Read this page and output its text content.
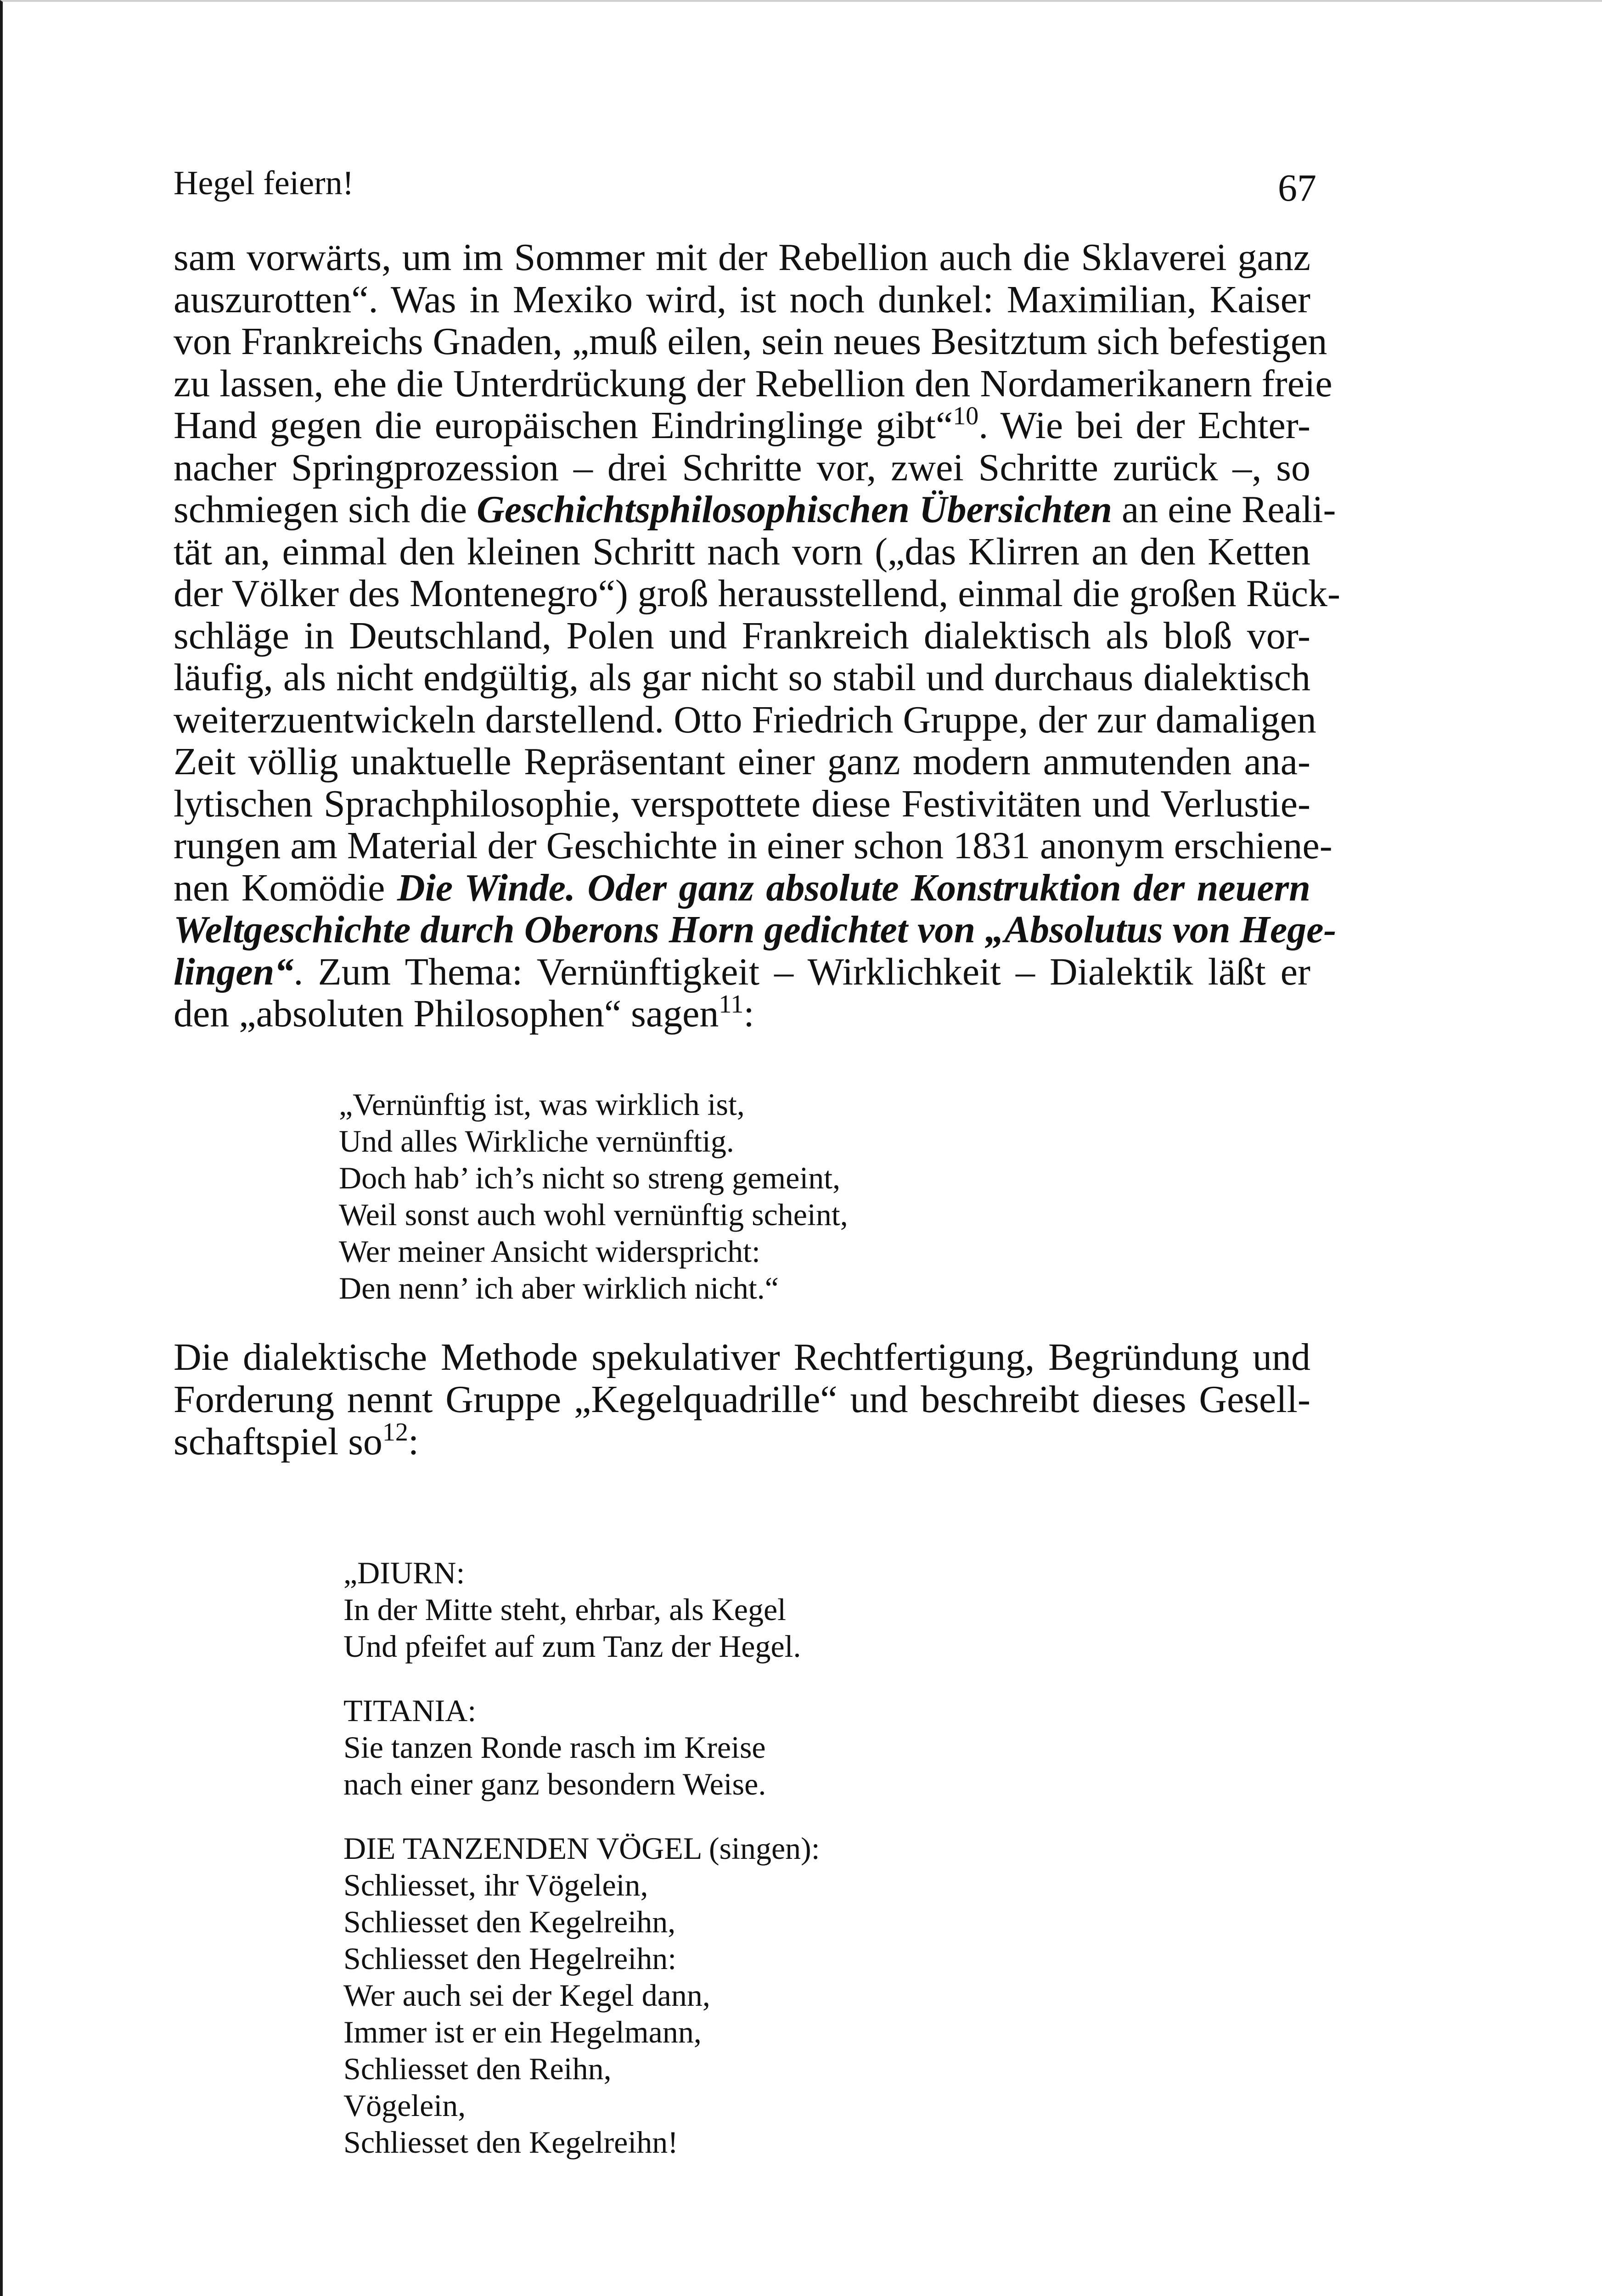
Hegel feiern!	67
sam vorwärts, um im Sommer mit der Rebellion auch die Sklaverei ganz
auszurotten“. Was in Mexiko wird, ist noch dunkel: Maximilian, Kaiser
von Frankreichs Gnaden, „muß eilen, sein neues Besitztum sich befestigen
zu lassen, ehe die Unterdrückung der Rebellion den Nordamerikanern freie
Hand gegen die europäischen Eindringlinge gibt“$^{10}$. Wie bei der Echter-
nacher Springprozession – drei Schritte vor, zwei Schritte zurück –, so
schmiegen sich die Geschichtsphilosophischen Übersichten an eine Reali-
tät an, einmal den kleinen Schritt nach vorn („das Klirren an den Ketten
der Völker des Montenegro“) groß herausstellend, einmal die großen Rück-
schläge in Deutschland, Polen und Frankreich dialektisch als bloß vor-
läufig, als nicht endgültig, als gar nicht so stabil und durchaus dialektisch
weiterzuentwickeln darstellend. Otto Friedrich Gruppe, der zur damaligen
Zeit völlig unaktuelle Repräsentant einer ganz modern anmutenden ana-
lytischen Sprachphilosophie, verspottete diese Festivitäten und Verlustie-
rungen am Material der Geschichte in einer schon 1831 anonym erschiene-
nen Komödie Die Winde. Oder ganz absolute Konstruktion der neuern
Weltgeschichte durch Oberons Horn gedichtet von „Absolutus von Hege-
lingen“. Zum Thema: Vernünftigkeit – Wirklichkeit – Dialektik läßt er
den „absoluten Philosophen“ sagen$^{11}$:
„Vernünftig ist, was wirklich ist,
Und alles Wirkliche vernünftig.
Doch hab’ ich’s nicht so streng gemeint,
Weil sonst auch wohl vernünftig scheint,
Wer meiner Ansicht widerspricht:
Den nenn’ ich aber wirklich nicht.“
Die dialektische Methode spekulativer Rechtfertigung, Begründung und
Forderung nennt Gruppe „Kegelquadrille“ und beschreibt dieses Gesell-
schaftspiel so$^{12}$:
„DIURN:
In der Mitte steht, ehrbar, als Kegel
Und pfeifet auf zum Tanz der Hegel.
TITANIA:
Sie tanzen Ronde rasch im Kreise
nach einer ganz besondern Weise.
DIE TANZENDEN VÖGEL (singen):
Schliesset, ihr Vögelein,
Schliesset den Kegelreihn,
Schliesset den Hegelreihn:
Wer auch sei der Kegel dann,
Immer ist er ein Hegelmann,
Schliesset den Reihn,
Vögelein,
Schliesset den Kegelreihn!
